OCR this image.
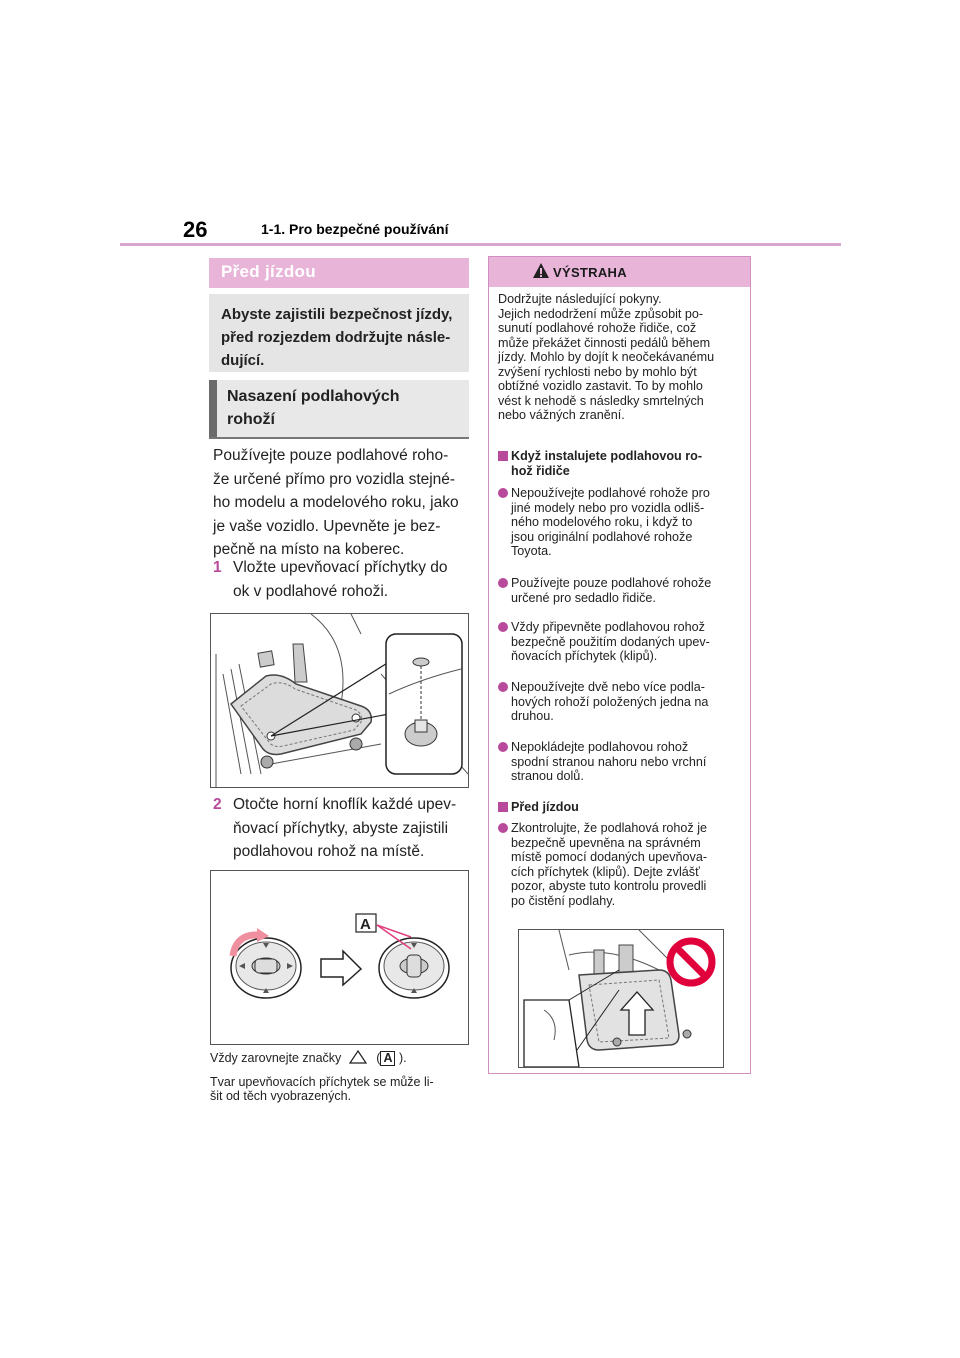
26	1-1. Pro bezpečné používání
Před jízdou

Abyste zajistili bezpečnost jízdy,
před rozjezdem dodržujte násle-
dující.

Nasazení podlahových
rohoží

Používejte pouze podlahové roho-
že určené přímo pro vozidla stejné-
ho modelu a modelového roku, jako
je vaše vozidlo. Upevněte je bez-
pečně na místo na koberec.
1 Vložte upevňovací příchytky do
ok v podlahové rohoži.
2 Otočte horní knoflík každé upev-
ňovací příchytky, abyste zajistili
podlahovou rohož na místě.
A
Vždy zarovnejte značky	( A ).
Tvar upevňovacích příchytek se může li-
šit od těch vyobrazených.
VÝSTRAHA
Dodržujte následující pokyny.
Jejich nedodržení může způsobit po-
sunutí podlahové rohože řidiče, což
může překážet činnosti pedálů během
jízdy. Mohlo by dojít k neočekávanému
zvýšení rychlosti nebo by mohlo být
obtížné vozidlo zastavit. To by mohlo
vést k nehodě s následky smrtelných
nebo vážných zranění.
Když instalujete podlahovou ro-
hož řidiče
Nepoužívejte podlahové rohože pro
jiné modely nebo pro vozidla odliš-
ného modelového roku, i když to
jsou originální podlahové rohože
Toyota.
Používejte pouze podlahové rohože
určené pro sedadlo řidiče.
Vždy připevněte podlahovou rohož
bezpečně použitím dodaných upev-
ňovacích příchytek (klipů).
Nepoužívejte dvě nebo více podla-
hových rohoží položených jedna na
druhou.
Nepokládejte podlahovou rohož
spodní stranou nahoru nebo vrchní
stranou dolů.
Před jízdou
Zkontrolujte, že podlahová rohož je
bezpečně upevněna na správném
místě pomocí dodaných upevňova-
cích příchytek (klipů). Dejte zvlášť
pozor, abyste tuto kontrolu provedli
po čistění podlahy.
